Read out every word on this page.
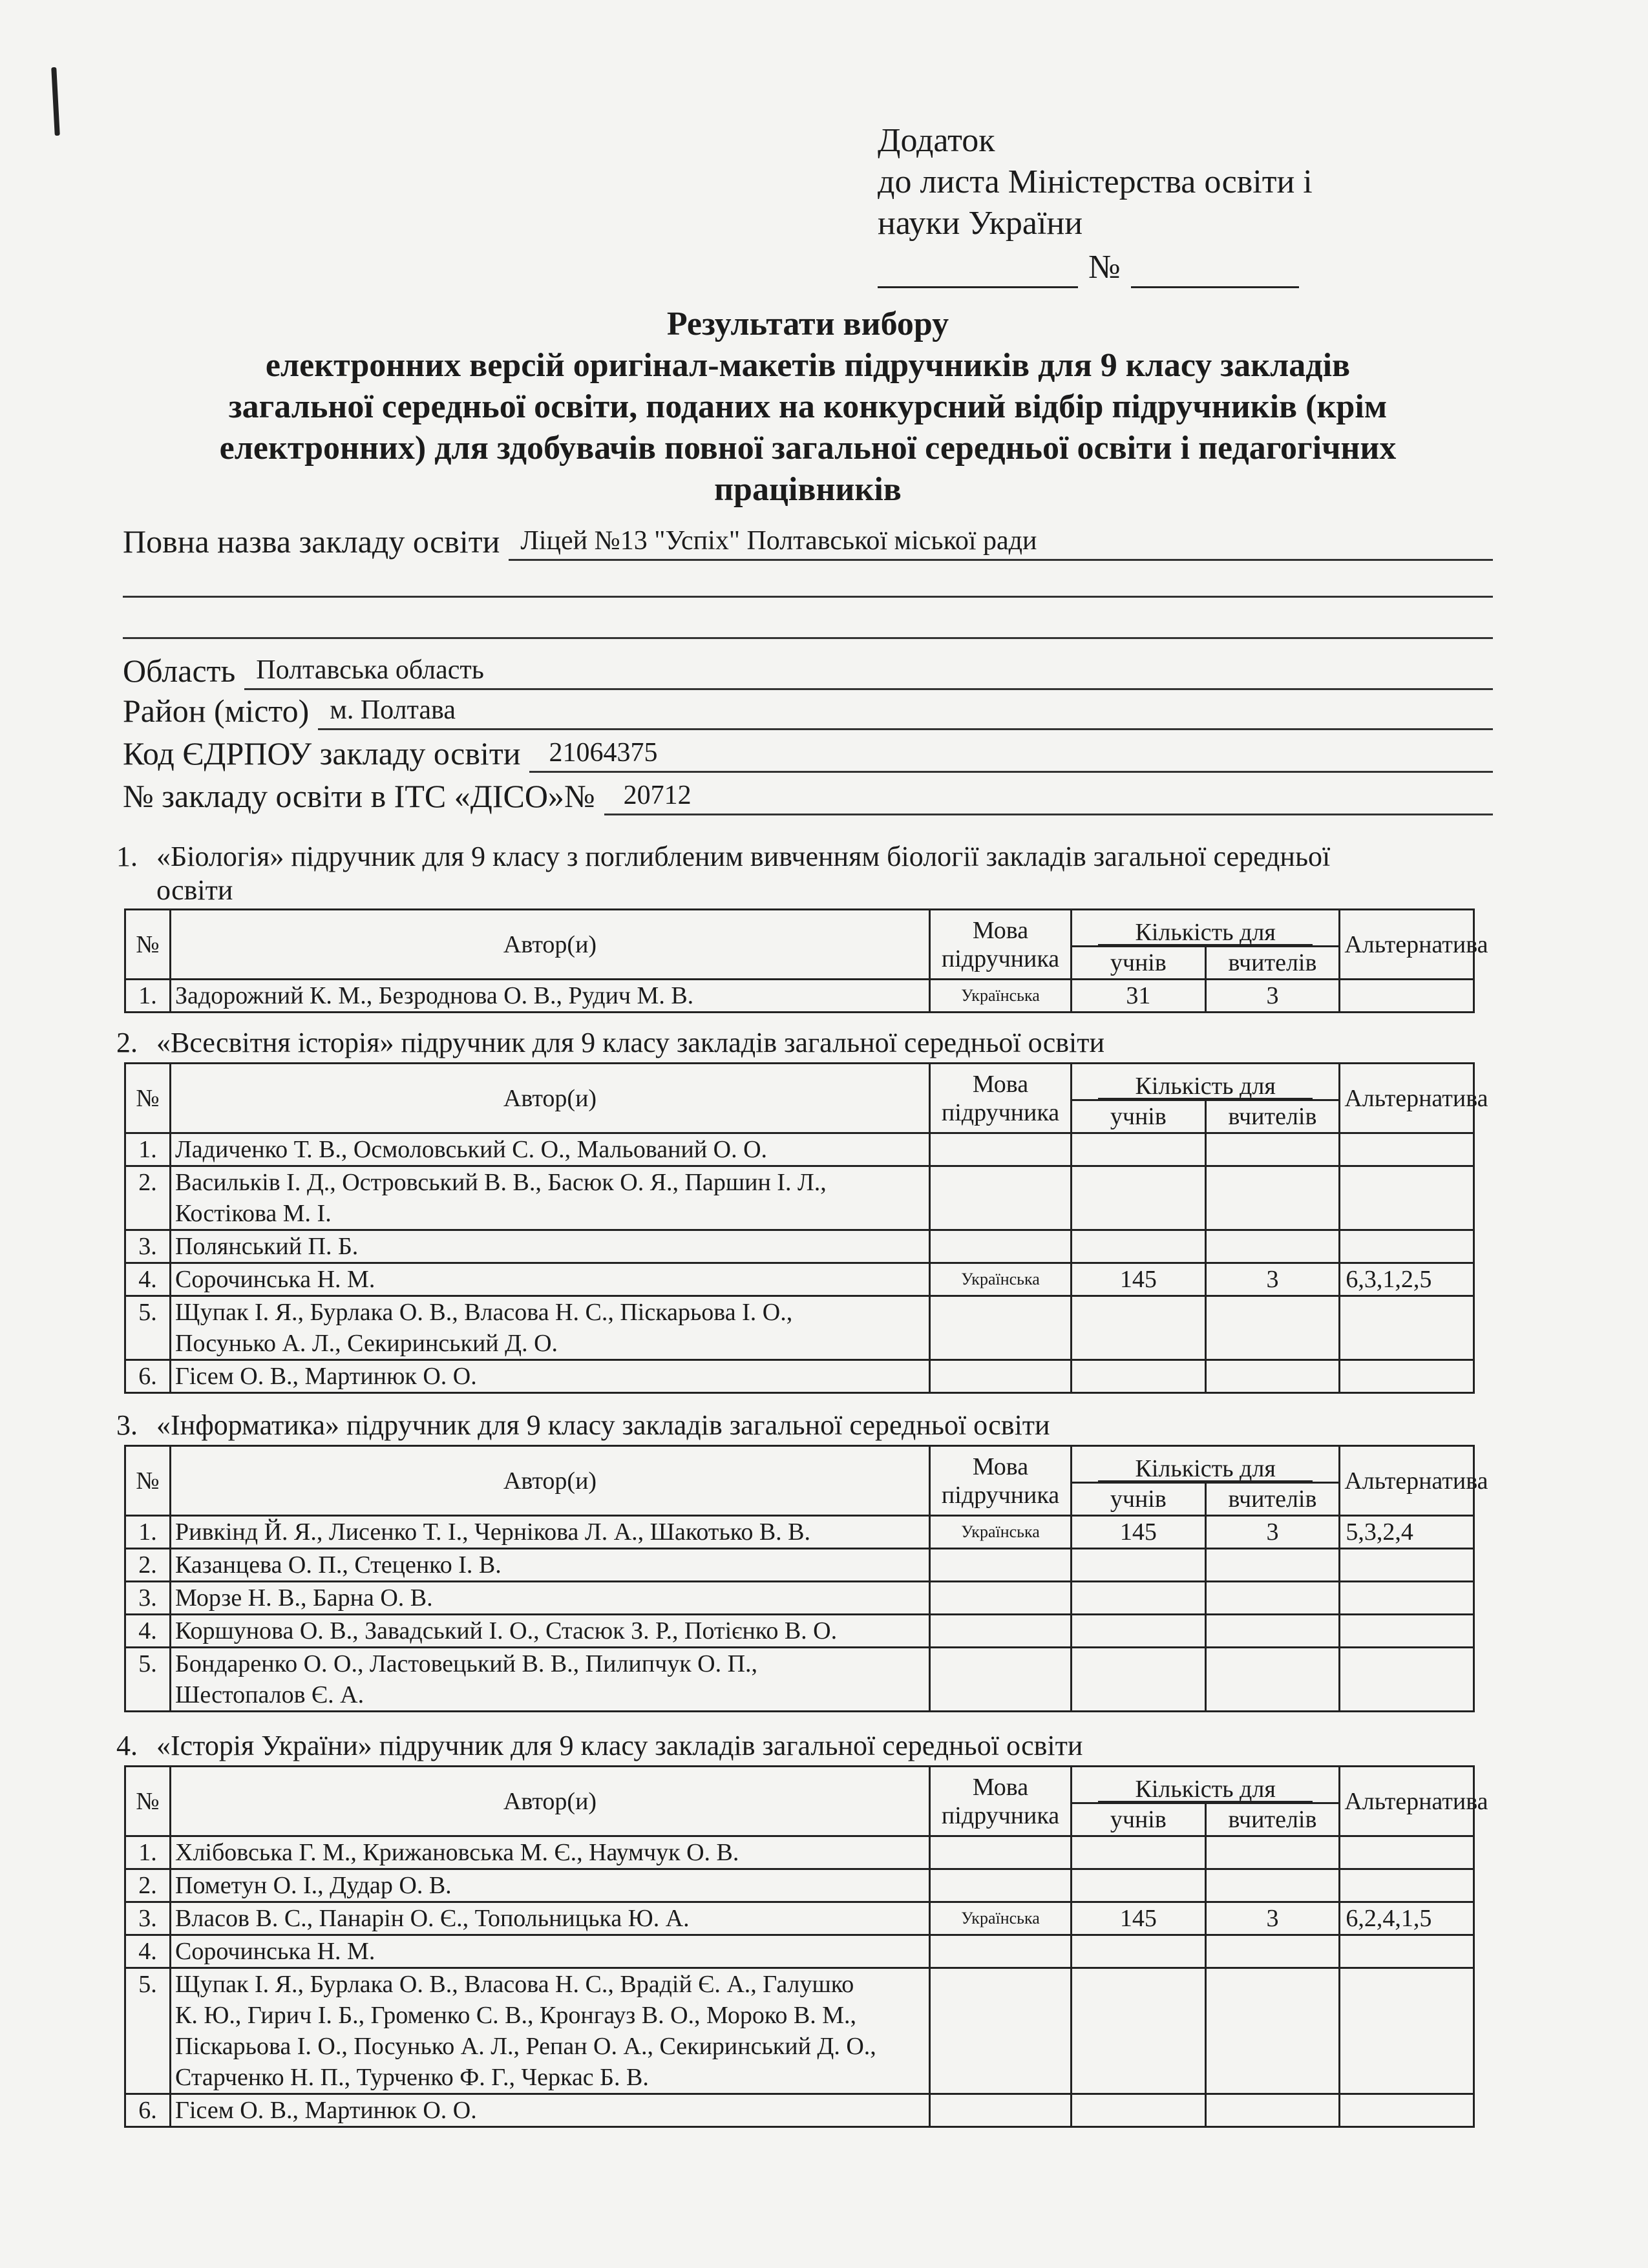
Додаток
до листа Міністерства освіти і
науки України
№
Результати вибору
електронних версій оригінал-макетів підручників для 9 класу закладів
загальної середньої освіти, поданих на конкурсний відбір підручників (крім
електронних) для здобувачів повної загальної середньої освіти і педагогічних
працівників
Повна назва закладу освіти Ліцей №13 "Успіх" Полтавської міської ради
Область Полтавська область
Район (місто) м. Полтава
Код ЄДРПОУ закладу освіти	21064375
№ закладу освіти в ІТС «ДІСО»№	20712
1. «Біологія» підручник для 9 класу з поглибленим вивченням біології закладів загальної середньої
освіти
№	Автор(и)	Мова
підручника	Кількість для		Альтернатива
			учнів	вчителів	
1.	Задорожний К. М., Безроднова О. В., Рудич М. В.	Українська	31	3	
2. «Всесвітня історія» підручник для 9 класу закладів загальної середньої освіти
№	Автор(и)	Мова
підручника	Кількість для		Альтернатива
			учнів	вчителів	
1.	Ладиченко Т. В., Осмоловський С. О., Мальований О. О.				
2.	Васильків І. Д., Островський В. В., Басюк О. Я., Паршин І. Л.,
Костікова М. І.				
3.	Полянський П. Б.				
4.	Сорочинська Н. М.	Українська	145	3	6,3,1,2,5
5.	Щупак І. Я., Бурлака О. В., Власова Н. С., Піскарьова І. О.,
Посунько А. Л., Секиринський Д. О.				
6.	Гісем О. В., Мартинюк О. О.				
3. «Інформатика» підручник для 9 класу закладів загальної середньої освіти
№	Автор(и)	Мова
підручника	Кількість для		Альтернатива
			учнів	вчителів	
1.	Ривкінд Й. Я., Лисенко Т. І., Чернікова Л. А., Шакотько В. В.	Українська	145	3	5,3,2,4
2.	Казанцева О. П., Стеценко І. В.				
3.	Морзе Н. В., Барна О. В.				
4.	Коршунова О. В., Завадський І. О., Стасюк З. Р., Потієнко В. О.				
5.	Бондаренко О. О., Ластовецький В. В., Пилипчук О. П.,
Шестопалов Є. А.				
4. «Історія України» підручник для 9 класу закладів загальної середньої освіти
№	Автор(и)	Мова
підручника	Кількість для		Альтернатива
			учнів	вчителів	
1.	Хлібовська Г. М., Крижановська М. Є., Наумчук О. В.				
2.	Пометун О. І., Дудар О. В.				
3.	Власов В. С., Панарін О. Є., Топольницька Ю. А.	Українська	145	3	6,2,4,1,5
4.	Сорочинська Н. М.				
5.	Щупак І. Я., Бурлака О. В., Власова Н. С., Врадій Є. А., Галушко
К. Ю., Гирич І. Б., Громенко С. В., Кронгауз В. О., Мороко В. М.,
Піскарьова І. О., Посунько А. Л., Репан О. А., Секиринський Д. О.,
Старченко Н. П., Турченко Ф. Г., Черкас Б. В.				
6.	Гісем О. В., Мартинюк О. О.				
